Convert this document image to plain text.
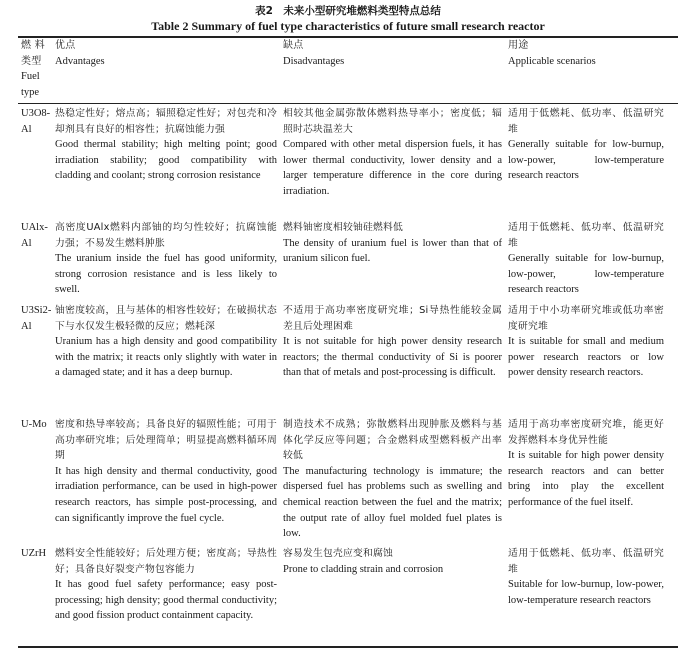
表2　未来小型研究堆燃料类型特点总结
Table 2 Summary of fuel type characteristics of future small research reactor
燃料类型
Fuel type
优点
Advantages
缺点
Disadvantages
用途
Applicable scenarios
U3O8-Al
热稳定性好；熔点高；辐照稳定性好；对包壳和冷却剂具有良好的相容性；抗腐蚀能力强
Good thermal stability; high melting point; good irradiation stability; good compatibility with cladding and coolant; strong corrosion resistance
相较其他金属弥散体燃料热导率小；密度低；辐照时芯块温差大
Compared with other metal dispersion fuels, it has lower thermal conductivity, lower density and a larger temperature difference in the core during irradiation.
适用于低燃耗、低功率、低温研究堆
Generally suitable for low-burnup, low-power, low-temperature research reactors
UAlx-Al
高密度UAlx燃料内部铀的均匀性较好；抗腐蚀能力强；不易发生燃料肿胀
The uranium inside the fuel has good uniformity, strong corrosion resistance and is less likely to swell.
燃料铀密度相较铀硅燃料低
The density of uranium fuel is lower than that of uranium silicon fuel.
适用于低燃耗、低功率、低温研究堆
Generally suitable for low-burnup, low-power, low-temperature research reactors
U3Si2-Al
铀密度较高，且与基体的相容性较好；在破损状态下与水仅发生极轻微的反应；燃耗深
Uranium has a high density and good compatibility with the matrix; it reacts only slightly with water in a damaged state; and it has a deep burnup.
不适用于高功率密度研究堆；Si导热性能较金属差且后处理困难
It is not suitable for high power density research reactors; the thermal conductivity of Si is poorer than that of metals and post-processing is difficult.
适用于中小功率研究堆或低功率密度研究堆
It is suitable for small and medium power research reactors or low power density research reactors.
U-Mo 密度和热导率较高；具备良好的辐照性能；可用于高功率研究堆；后处理简单；明显提高燃料循环周期
It has high density and thermal conductivity, good irradiation performance, can be used in high-power research reactors, has simple post-processing, and can significantly improve the fuel cycle.
制造技术不成熟；弥散燃料出现肿胀及燃料与基体化学反应等问题；合金燃料成型燃料板产出率较低
The manufacturing technology is immature; the dispersed fuel has problems such as swelling and chemical reaction between the fuel and the matrix; the output rate of alloy fuel molded fuel plates is low.
适用于高功率密度研究堆，能更好发挥燃料本身优异性能
It is suitable for high power density research reactors and can better bring into play the excellent performance of the fuel itself.
UZrH 燃料安全性能较好；后处理方便；密度高；导热性好；具备良好裂变产物包容能力
It has good fuel safety performance; easy post-processing; high density; good thermal conductivity; and good fission product containment capacity.
容易发生包壳应变和腐蚀
Prone to cladding strain and corrosion
适用于低燃耗、低功率、低温研究堆
Suitable for low-burnup, low-power, low-temperature research reactors
